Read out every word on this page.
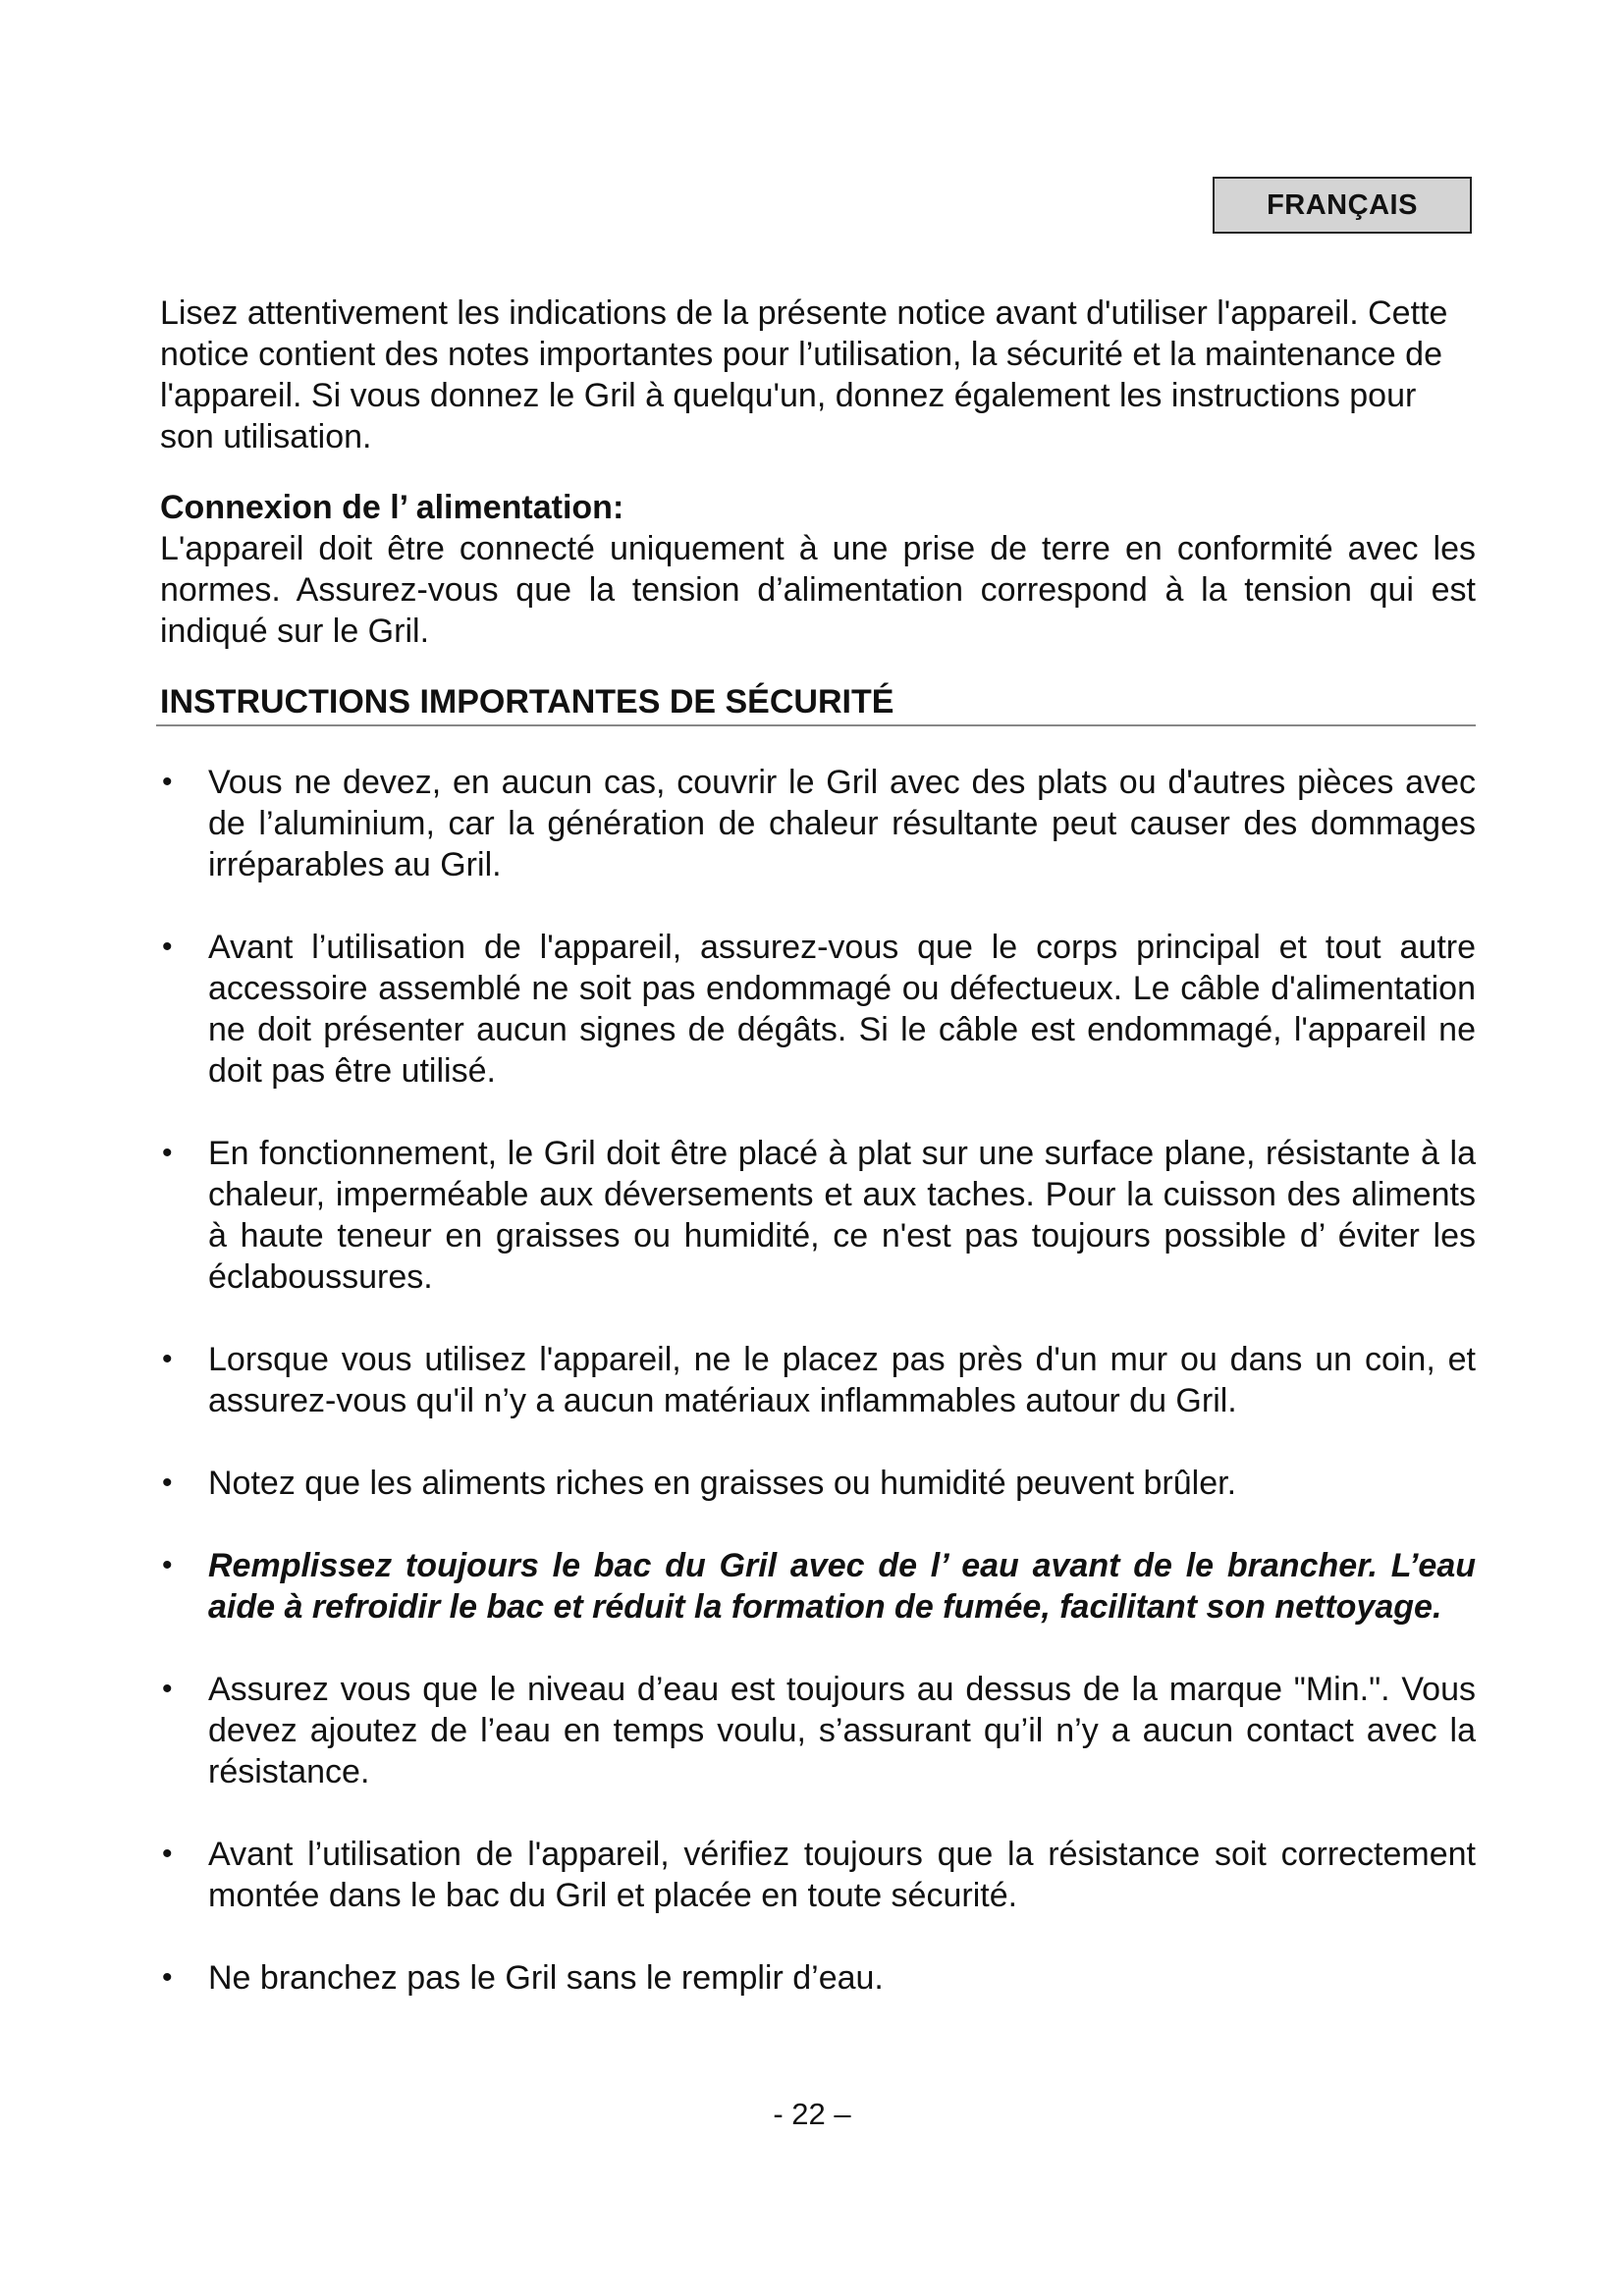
FRANÇAIS

Lisez attentivement les indications de la présente notice avant d'utiliser l'appareil. Cette notice contient des notes importantes pour l’utilisation, la sécurité et la maintenance de l'appareil. Si vous donnez le Gril à quelqu'un, donnez également les instructions pour son utilisation.

Connexion de l’ alimentation:

L'appareil doit être connecté uniquement à une prise de terre en conformité avec les normes. Assurez-vous que la tension d’alimentation correspond à la tension qui est indiqué sur le Gril.

INSTRUCTIONS IMPORTANTES DE SÉCURITÉ
• Vous ne devez, en aucun cas, couvrir le Gril avec des plats ou d'autres pièces avec de l’aluminium, car la génération de chaleur résultante peut causer des dommages irréparables au Gril.
• Avant l’utilisation de l'appareil, assurez-vous que le corps principal et tout autre accessoire assemblé ne soit pas endommagé ou défectueux. Le câble d'alimentation ne doit présenter aucun signes de dégâts. Si le câble est endommagé, l'appareil ne doit pas être utilisé.
• En fonctionnement, le Gril doit être placé à plat sur une surface plane, résistante à la chaleur, imperméable aux déversements et aux taches. Pour la cuisson des aliments à haute teneur en graisses ou humidité, ce n'est pas toujours possible d’ éviter les éclaboussures.
• Lorsque vous utilisez l'appareil, ne le placez pas près d'un mur ou dans un coin, et assurez-vous qu'il n’y a aucun matériaux inflammables autour du Gril.
• Notez que les aliments riches en graisses ou humidité peuvent brûler.
• Remplissez toujours le bac du Gril avec de l’ eau avant de le brancher. L’eau aide à refroidir le bac et réduit la formation de fumée, facilitant son nettoyage.
• Assurez vous que le niveau d’eau est toujours au dessus de la marque "Min.". Vous devez ajoutez de l’eau en temps voulu, s’assurant qu’il n’y a aucun contact avec la résistance.
• Avant l’utilisation de l'appareil, vérifiez toujours que la résistance soit correctement montée dans le bac du Gril et placée en toute sécurité.
• Ne branchez pas le Gril sans le remplir d’eau.
- 22 –
